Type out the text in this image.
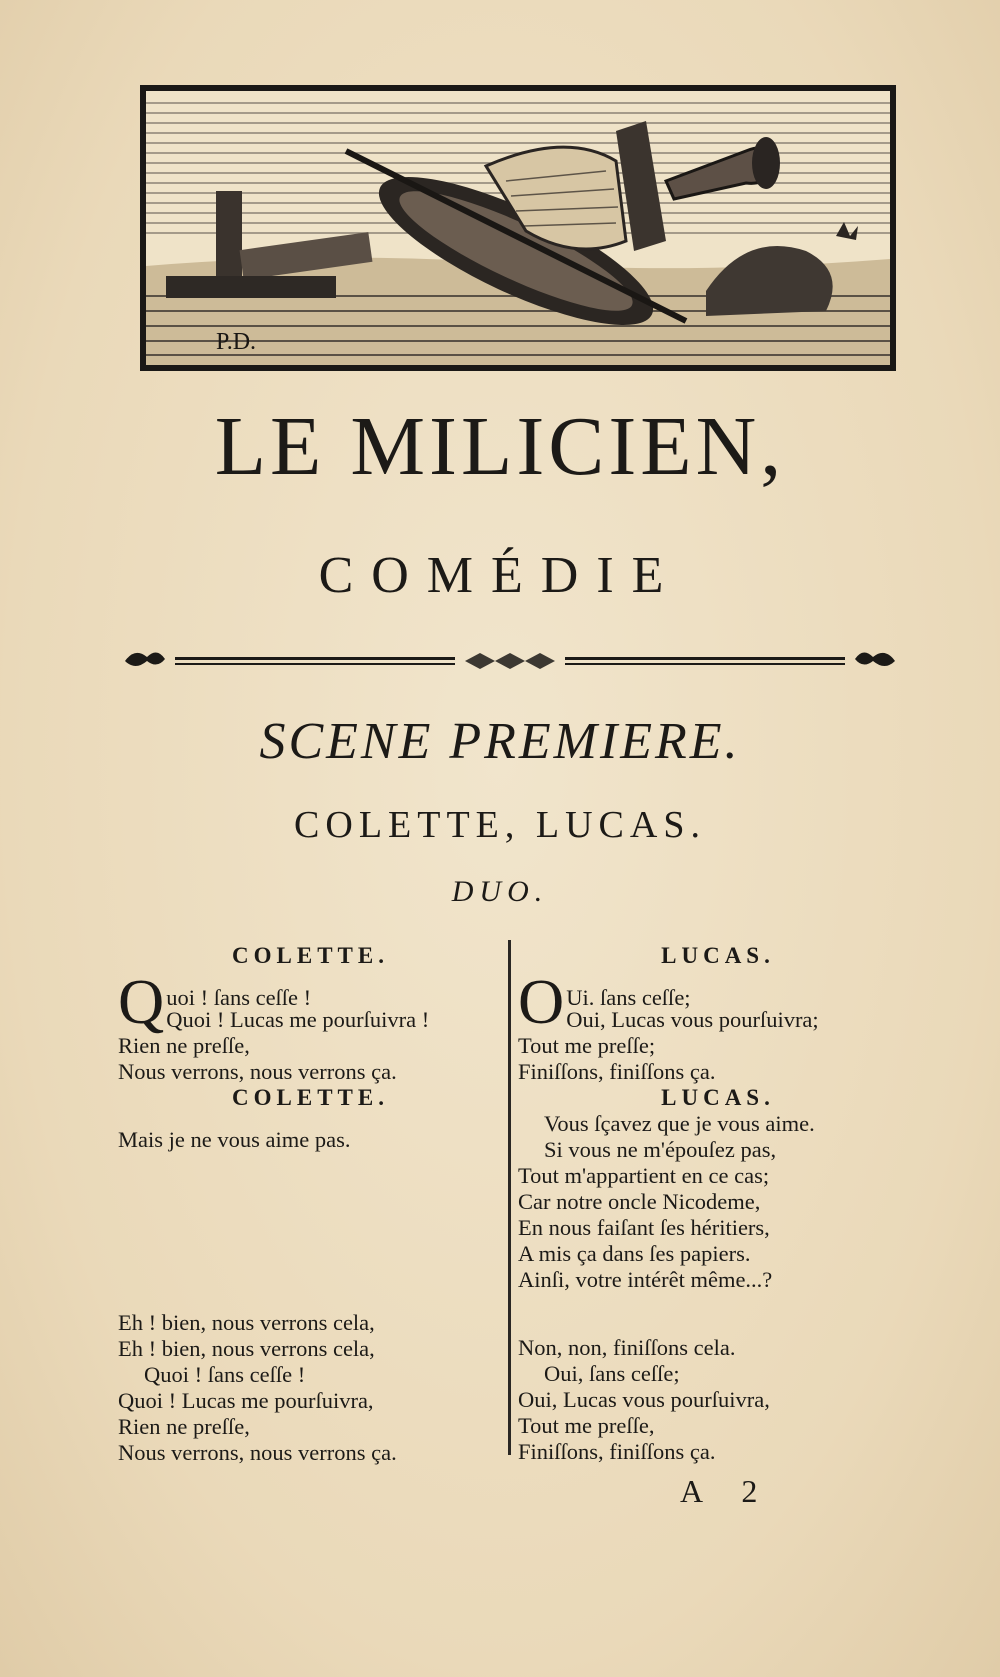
P.D.
LE MILICIEN,
COMÉDIE
SCENE PREMIERE.
COLETTE, LUCAS.
DUO.
COLETTE.
Q uoi ! ſans ceſſe !
Quoi ! Lucas me pourſuivra !
Rien ne preſſe,
Nous verrons, nous verrons ça.
COLETTE.
Mais je ne vous aime pas.
Eh ! bien, nous verrons cela,
Eh ! bien, nous verrons cela,
Quoi ! ſans ceſſe !
Quoi ! Lucas me pourſuivra,
Rien ne preſſe,
Nous verrons, nous verrons ça.
LUCAS.
O Ui. ſans ceſſe;
Oui, Lucas vous pourſuivra;
Tout me preſſe;
Finiſſons, finiſſons ça.
LUCAS.
Vous ſçavez que je vous aime.
Si vous ne m'épouſez pas,
Tout m'appartient en ce cas;
Car notre oncle Nicodeme,
En nous faiſant ſes héritiers,
A mis ça dans ſes papiers.
Ainſi, votre intérêt même...?
Non, non, finiſſons cela.
Oui, ſans ceſſe;
Oui, Lucas vous pourſuivra,
Tout me preſſe,
Finiſſons, finiſſons ça.
A 2
